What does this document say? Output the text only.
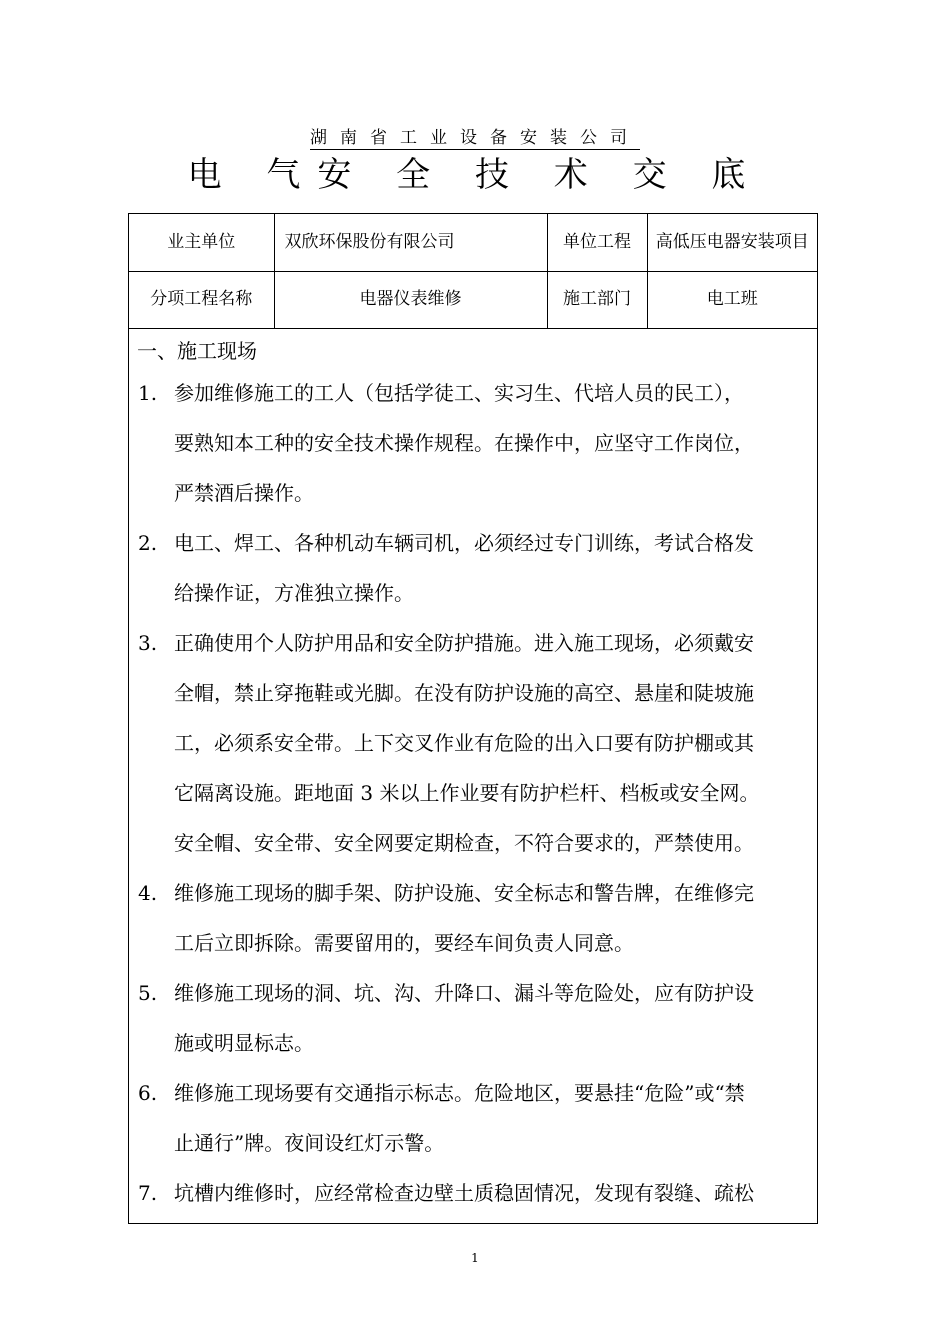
湖南省工业设备安装公司
电 气安 全 技 术 交 底
业主单位	双欣环保股份有限公司	单位工程	高低压电器安装项目
分项工程名称	电器仪表维修	施工部门	电工班
一、施工现场
1. 参加维修施工的工人（包括学徒工、实习生、代培人员的民工），
要熟知本工种的安全技术操作规程。在操作中，应坚守工作岗位，
严禁酒后操作。
2. 电工、焊工、各种机动车辆司机，必须经过专门训练，考试合格发
给操作证，方准独立操作。
3. 正确使用个人防护用品和安全防护措施。进入施工现场，必须戴安
全帽，禁止穿拖鞋或光脚。在没有防护设施的高空、悬崖和陡坡施
工，必须系安全带。上下交叉作业有危险的出入口要有防护棚或其
它隔离设施。距地面 3 米以上作业要有防护栏杆、档板或安全网。
安全帽、安全带、安全网要定期检查，不符合要求的，严禁使用。
4. 维修施工现场的脚手架、防护设施、安全标志和警告牌，在维修完
工后立即拆除。需要留用的，要经车间负责人同意。
5. 维修施工现场的洞、坑、沟、升降口、漏斗等危险处，应有防护设
施或明显标志。
6. 维修施工现场要有交通指示标志。危险地区，要悬挂“危险”或“禁
止通行”牌。夜间设红灯示警。
7. 坑槽内维修时，应经常检查边壁土质稳固情况，发现有裂缝、疏松
1
